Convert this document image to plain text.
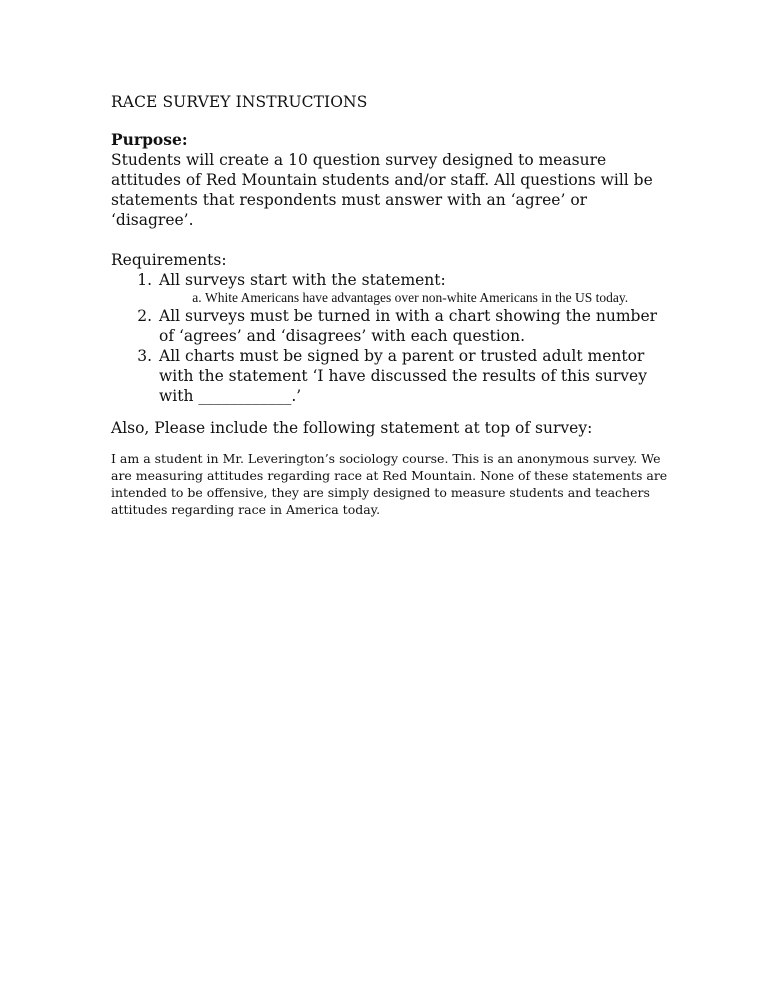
RACE SURVEY INSTRUCTIONS

Purpose:

Students will create a 10 question survey designed to measure attitudes of Red Mountain students and/or staff. All questions will be statements that respondents must answer with an ‘agree’ or ‘disagree’.

Requirements:

1. All surveys start with the statement:
a. White Americans have advantages over non-white Americans in the US today.
2. All surveys must be turned in with a chart showing the number of ‘agrees’ and ‘disagrees’ with each question.
3. All charts must be signed by a parent or trusted adult mentor with the statement ‘I have discussed the results of this survey with ____________.’

Also, Please include the following statement at top of survey:

I am a student in Mr. Leverington’s sociology course. This is an anonymous survey. We are measuring attitudes regarding race at Red Mountain. None of these statements are intended to be offensive, they are simply designed to measure students and teachers attitudes regarding race in America today.
